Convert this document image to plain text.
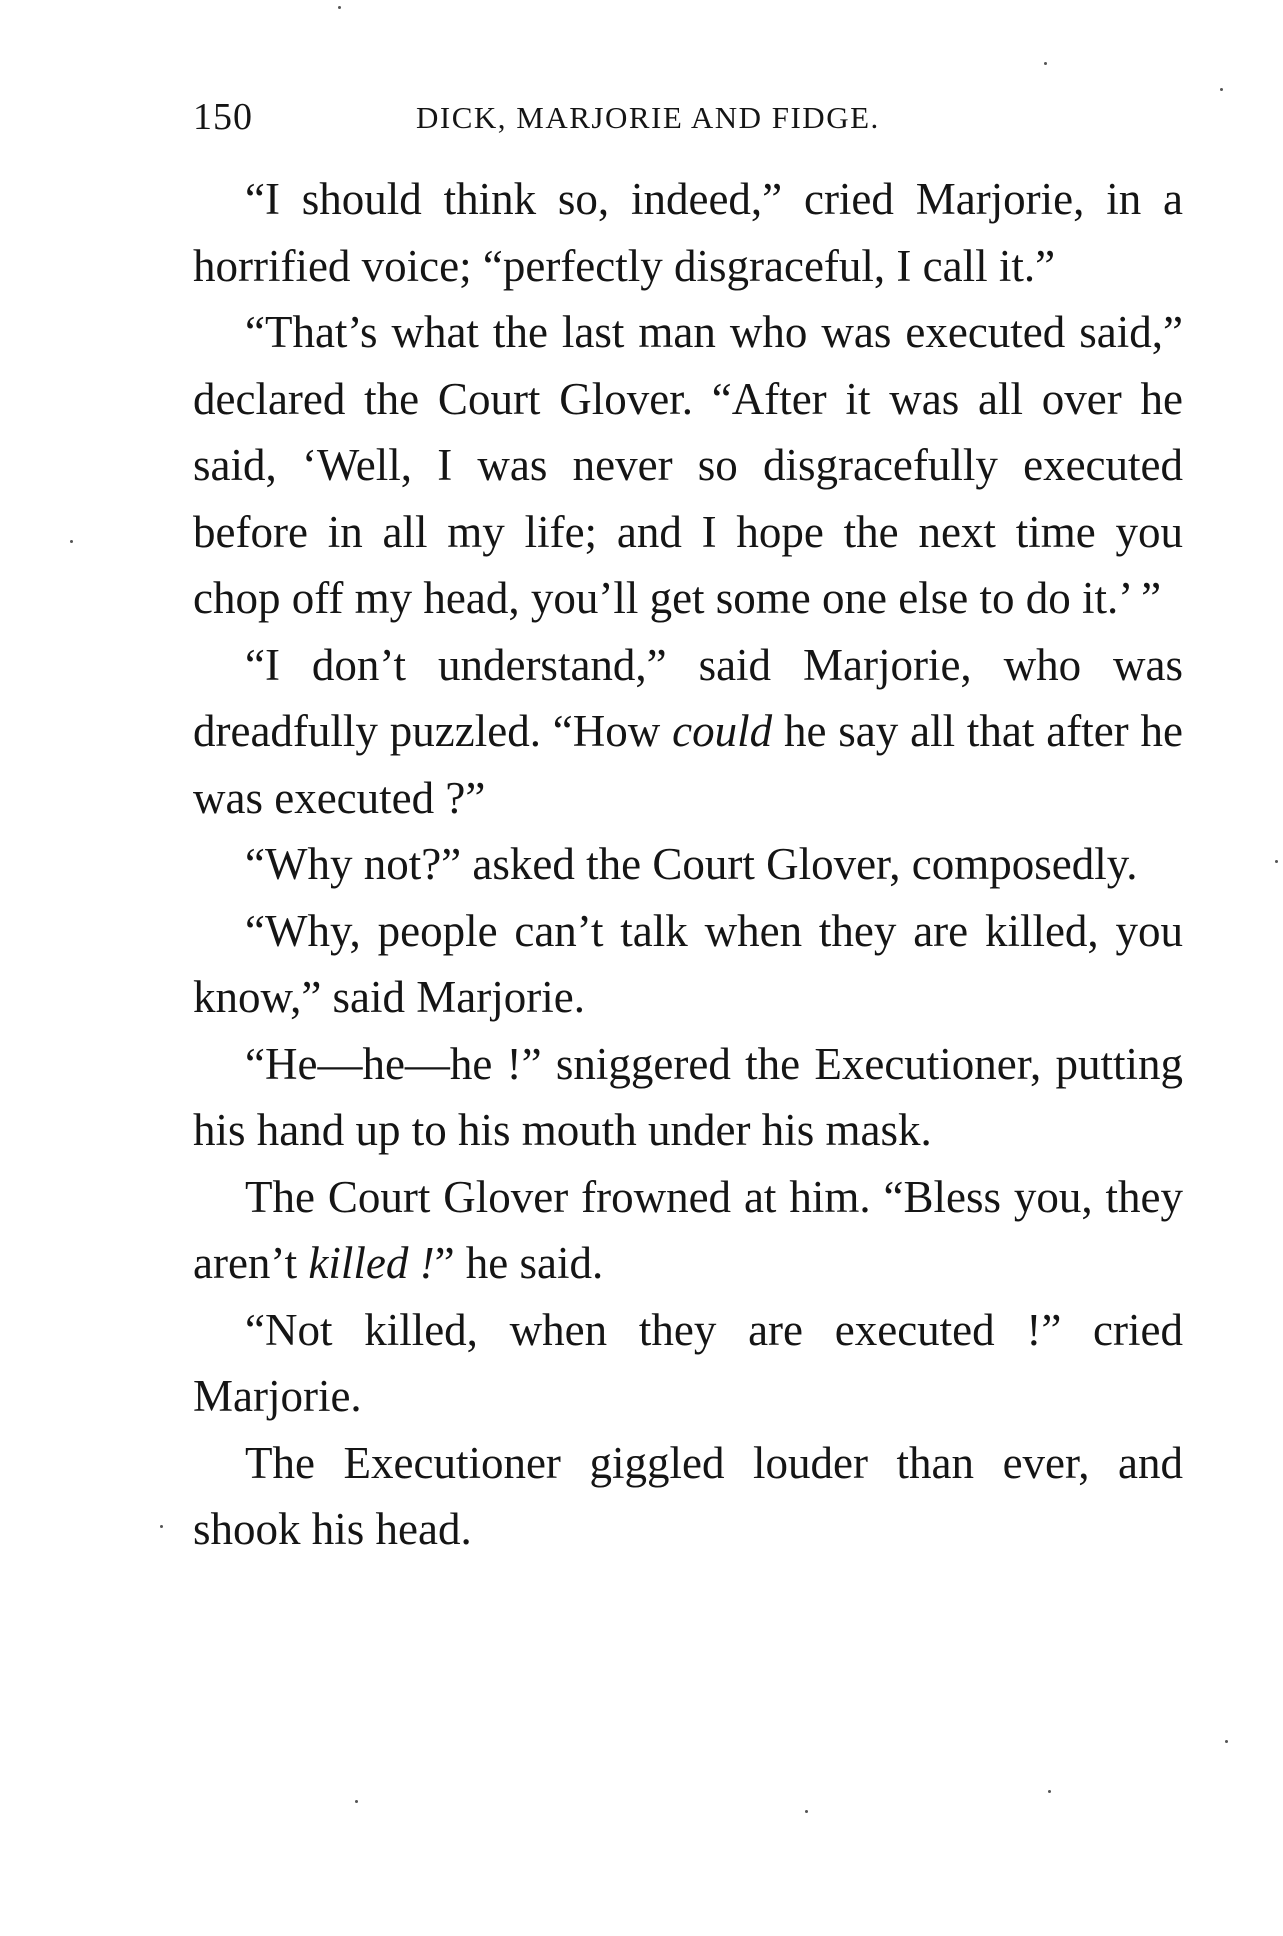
150	DICK, MARJORIE AND FIDGE.

“I should think so, indeed,” cried Marjorie, in a horrified voice; “perfectly disgraceful, I call it.”

“That’s what the last man who was executed said,” declared the Court Glover. “After it was all over he said, ‘Well, I was never so disgracefully executed before in all my life; and I hope the next time you chop off my head, you’ll get some one else to do it.’ ”

“I don’t understand,” said Marjorie, who was dreadfully puzzled. “How could he say all that after he was executed ?”

“Why not?” asked the Court Glover, composedly.

“Why, people can’t talk when they are killed, you know,” said Marjorie.

“He—he—he !” sniggered the Executioner, putting his hand up to his mouth under his mask.

The Court Glover frowned at him. “Bless you, they aren’t killed !” he said.

“Not killed, when they are executed !” cried Marjorie.

The Executioner giggled louder than ever, and shook his head.
